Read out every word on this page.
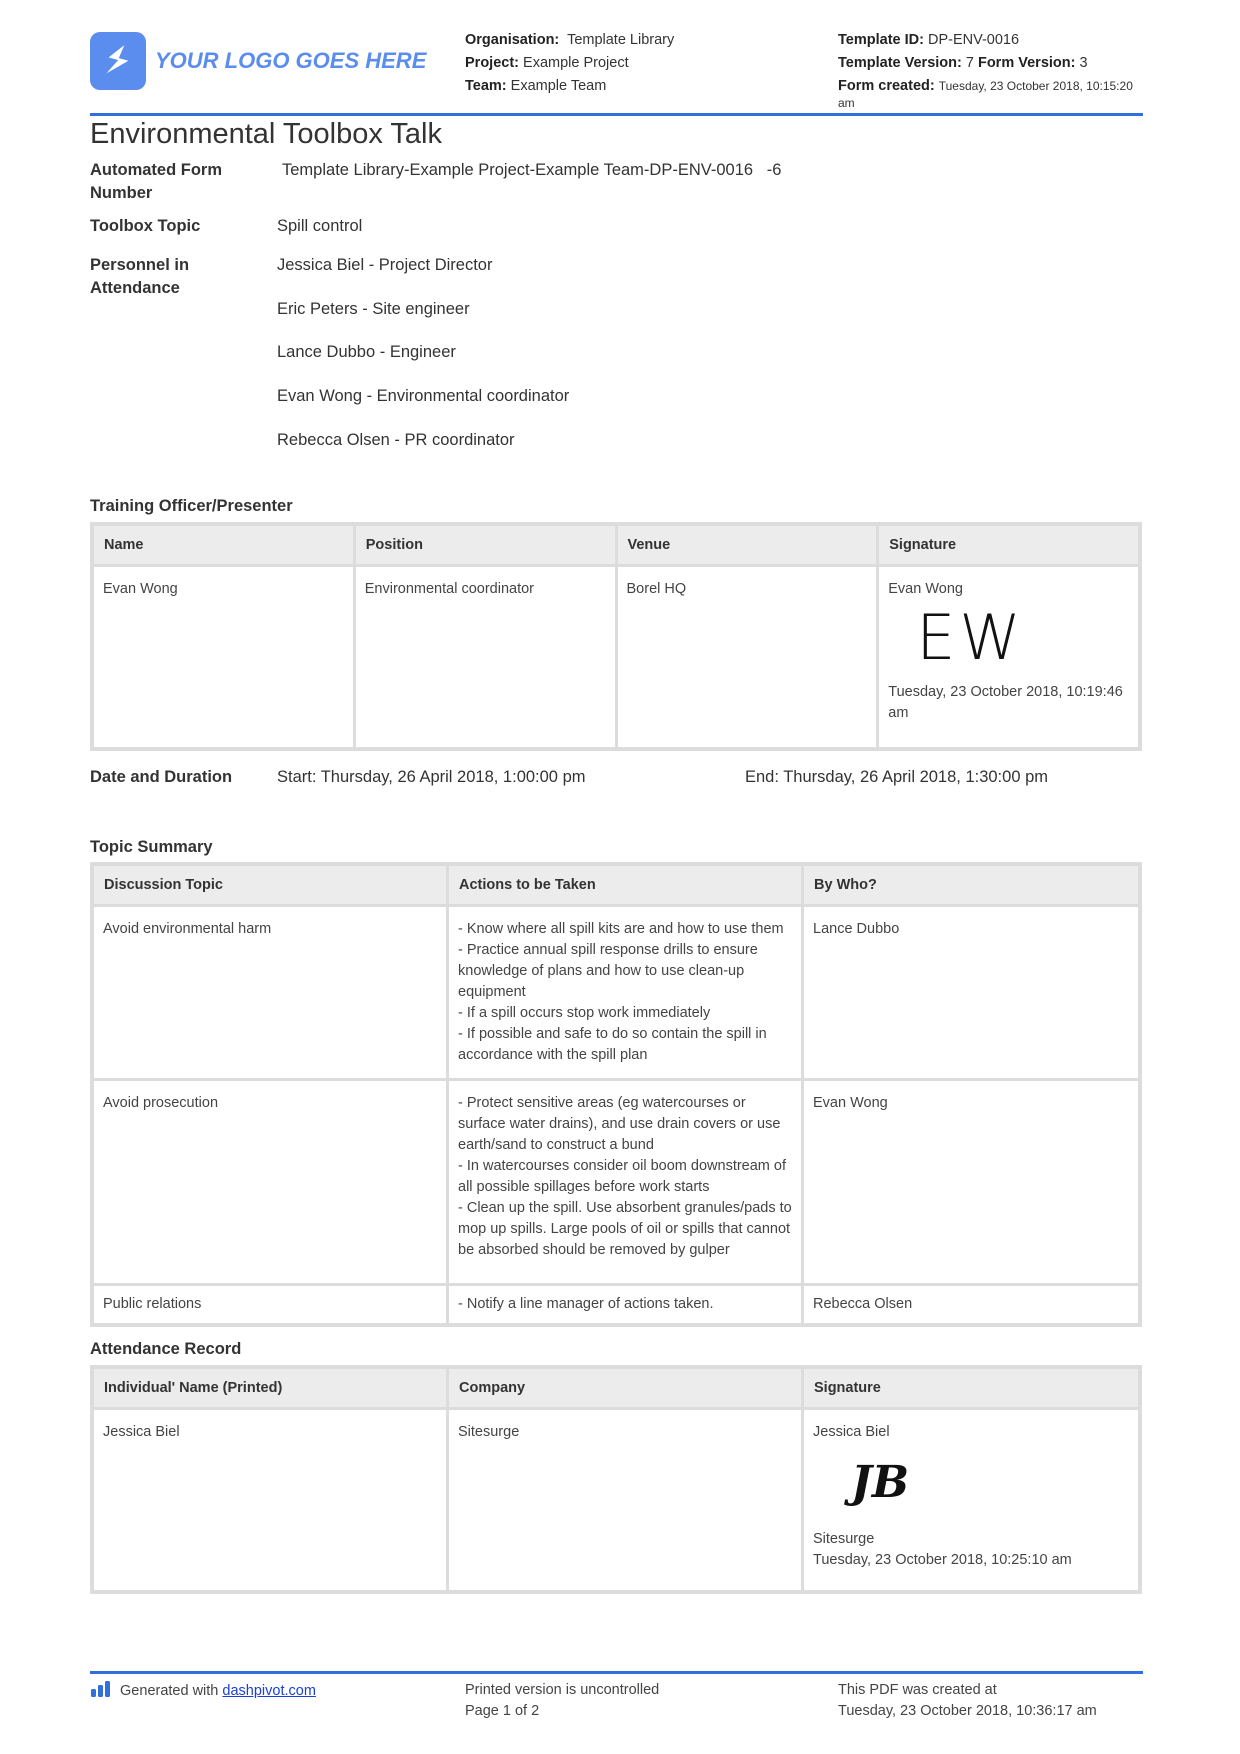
YOUR LOGO GOES HERE
Organisation: Template Library
Project: Example Project
Team: Example Team
Template ID: DP-ENV-0016
Template Version: 7 Form Version: 3
Form created: Tuesday, 23 October 2018, 10:15:20 am
Environmental Toolbox Talk
Automated Form Number
Template Library-Example Project-Example Team-DP-ENV-0016   -6
Toolbox Topic	Spill control
Personnel in Attendance
Jessica Biel - Project Director
Eric Peters - Site engineer
Lance Dubbo - Engineer
Evan Wong - Environmental coordinator
Rebecca Olsen - PR coordinator
Training Officer/Presenter
Name	Position	Venue	Signature
Evan Wong	Environmental coordinator	Borel HQ	Evan Wong
EW
Tuesday, 23 October 2018, 10:19:46 am
Date and Duration	Start: Thursday, 26 April 2018, 1:00:00 pm	End: Thursday, 26 April 2018, 1:30:00 pm
Topic Summary
Discussion Topic	Actions to be Taken	By Who?
Avoid environmental harm	- Know where all spill kits are and how to use them - Practice annual spill response drills to ensure knowledge of plans and how to use clean-up equipment
- If a spill occurs stop work immediately
- If possible and safe to do so contain the spill in accordance with the spill plan	Lance Dubbo
Avoid prosecution	- Protect sensitive areas (eg watercourses or surface water drains), and use drain covers or use earth/sand to construct a bund
- In watercourses consider oil boom downstream of all possible spillages before work starts
- Clean up the spill. Use absorbent granules/pads to mop up spills. Large pools of oil or spills that cannot be absorbed should be removed by gulper	Evan Wong
Public relations	- Notify a line manager of actions taken.	Rebecca Olsen
Attendance Record
Individual' Name (Printed)	Company	Signature
Jessica Biel	Sitesurge	Jessica Biel
JB
Sitesurge
Tuesday, 23 October 2018, 10:25:10 am
Generated with dashpivot.com	Printed version is uncontrolled
Page 1 of 2
This PDF was created at
Tuesday, 23 October 2018, 10:36:17 am
